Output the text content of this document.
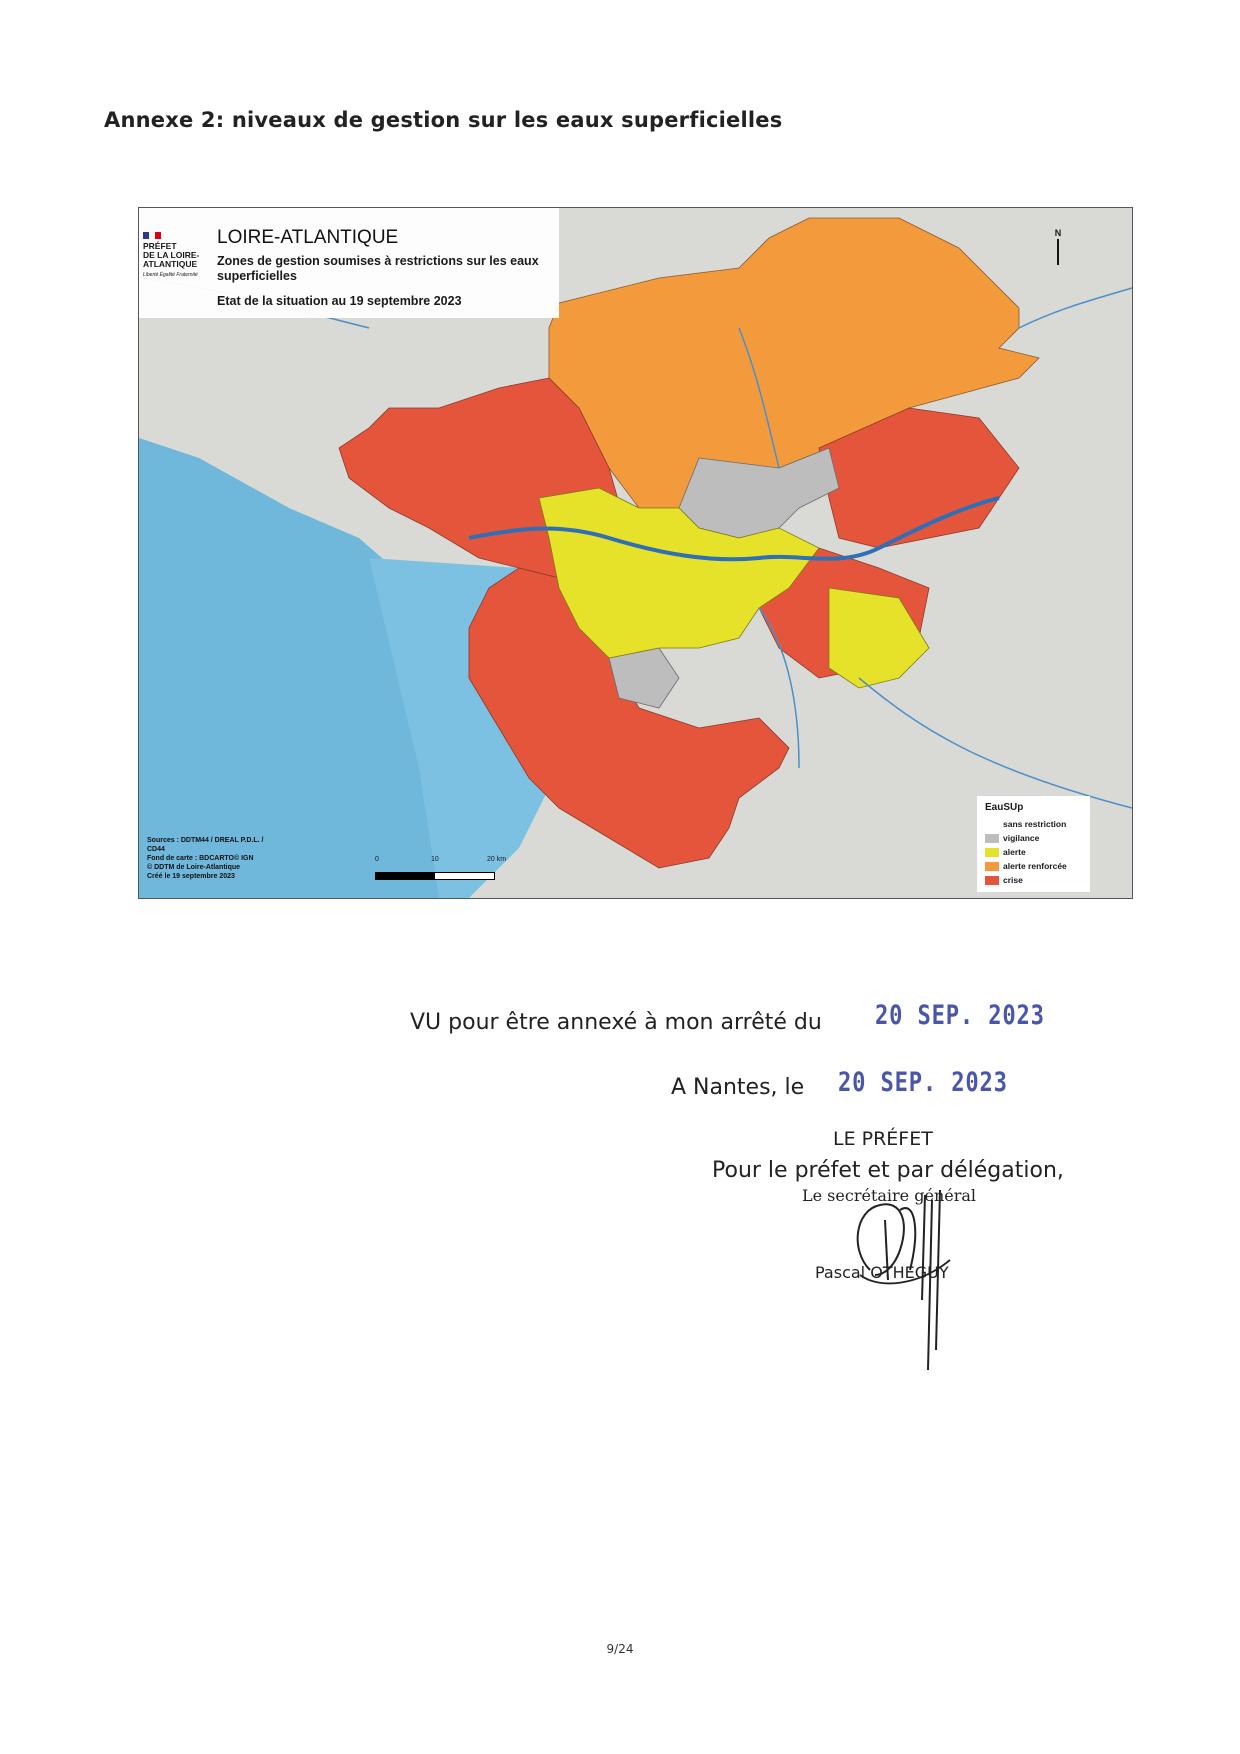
Annexe 2: niveaux de gestion sur les eaux superficielles
PRÉFET
DE LA LOIRE-
ATLANTIQUE
Liberté Égalité Fraternité
LOIRE-ATLANTIQUE
Zones de gestion soumises à restrictions sur les eaux superficielles
Etat de la situation au 19 septembre 2023
N
Sources : DDTM44 / DREAL P.D.L. /
CD44
Fond de carte : BDCARTO© IGN
© DDTM de Loire-Atlantique
Créé le 19 septembre 2023
0	10	20 km
EauSUp
sans restriction
vigilance
alerte
alerte renforcée
crise
VU pour être annexé à mon arrêté du 20 SEP. 2023
A Nantes, le 20 SEP. 2023
LE PRÉFET
Pour le préfet et par délégation,
Le secrétaire général
Pascal OTHEGUY
9/24
